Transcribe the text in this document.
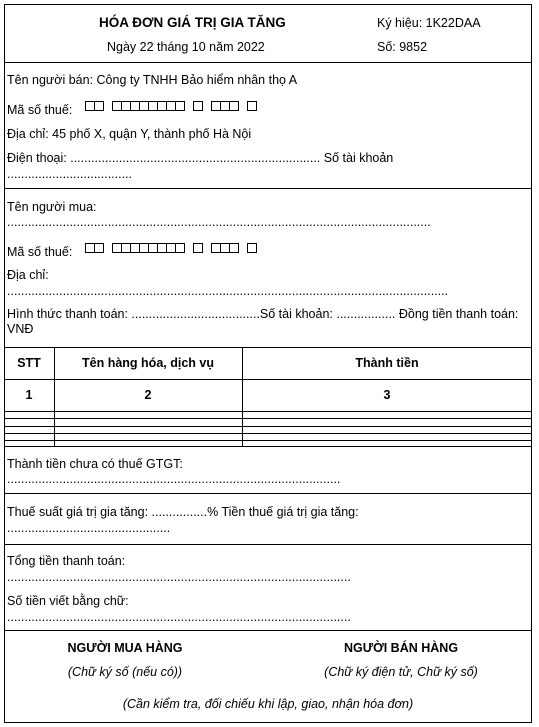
HÓA ĐƠN GIÁ TRỊ GIA TĂNG
Ngày 22 tháng 10 năm 2022
Ký hiệu: 1K22DAA
Số: 9852
Tên người bán: Công ty TNHH Bảo hiểm nhân thọ A
Mã số thuế:
Địa chỉ: 45 phố X, quận Y, thành phố Hà Nội
Điện thoại: ........................................................................ Số tài khoản
....................................
Tên người mua:
..........................................................................................................................
Mã số thuế:
Địa chỉ:
...............................................................................................................................
Hình thức thanh toán: .....................................Số tài khoản: ................. Đồng tiền thanh toán: VNĐ
STT	Tên hàng hóa, dịch vụ	Thành tiền
1	2	3
Thành tiền chưa có thuế GTGT:
................................................................................................
Thuế suất giá trị gia tăng: ................% Tiền thuế giá trị gia tăng:
...............................................
Tổng tiền thanh toán:
...................................................................................................
Số tiền viết bằng chữ:
...................................................................................................
NGƯỜI MUA HÀNG
(Chữ ký số (nếu có))
NGƯỜI BÁN HÀNG
(Chữ ký điện tử, Chữ ký số)
(Cần kiểm tra, đối chiếu khi lập, giao, nhận hóa đơn)
